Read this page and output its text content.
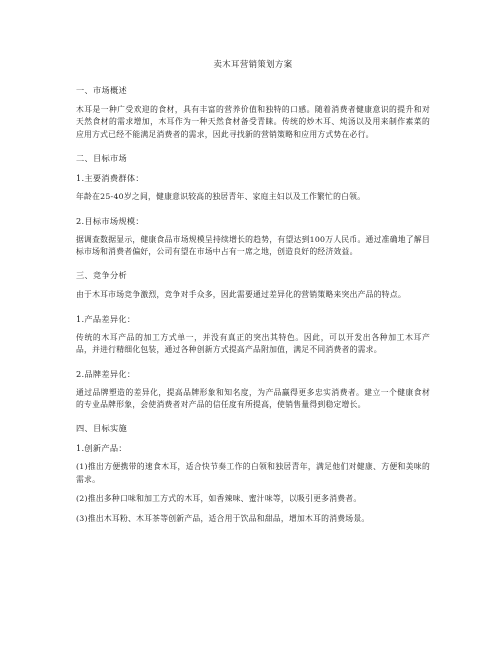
卖木耳营销策划方案
一、市场概述
木耳是一种广受欢迎的食材，具有丰富的营养价值和独特的口感。随着消费者健康意识的提升和对天然食材的需求增加，木耳作为一种天然食材备受青睐。传统的炒木耳、炖汤以及用来制作素菜的应用方式已经不能满足消费者的需求，因此寻找新的营销策略和应用方式势在必行。
二、目标市场
1.主要消费群体：
年龄在25-40岁之间，健康意识较高的独居青年、家庭主妇以及工作繁忙的白领。
2.目标市场规模：
据调查数据显示，健康食品市场规模呈持续增长的趋势，有望达到100万人民币。通过准确地了解目标市场和消费者偏好，公司有望在市场中占有一席之地，创造良好的经济效益。
三、竞争分析
由于木耳市场竞争激烈，竞争对手众多，因此需要通过差异化的营销策略来突出产品的特点。
1.产品差异化：
传统的木耳产品的加工方式单一，并没有真正的突出其特色。因此，可以开发出各种加工木耳产品，并进行精细化包装，通过各种创新方式提高产品附加值，满足不同消费者的需求。
2.品牌差异化：
通过品牌塑造的差异化，提高品牌形象和知名度，为产品赢得更多忠实消费者。建立一个健康食材的专业品牌形象，会使消费者对产品的信任度有所提高，使销售量得到稳定增长。
四、目标实施
1.创新产品：
(1)推出方便携带的速食木耳，适合快节奏工作的白领和独居青年，满足他们对健康、方便和美味的需求。
(2)推出多种口味和加工方式的木耳，如香辣味、蜜汁味等，以吸引更多消费者。
(3)推出木耳粉、木耳茶等创新产品，适合用于饮品和甜品，增加木耳的消费场景。
